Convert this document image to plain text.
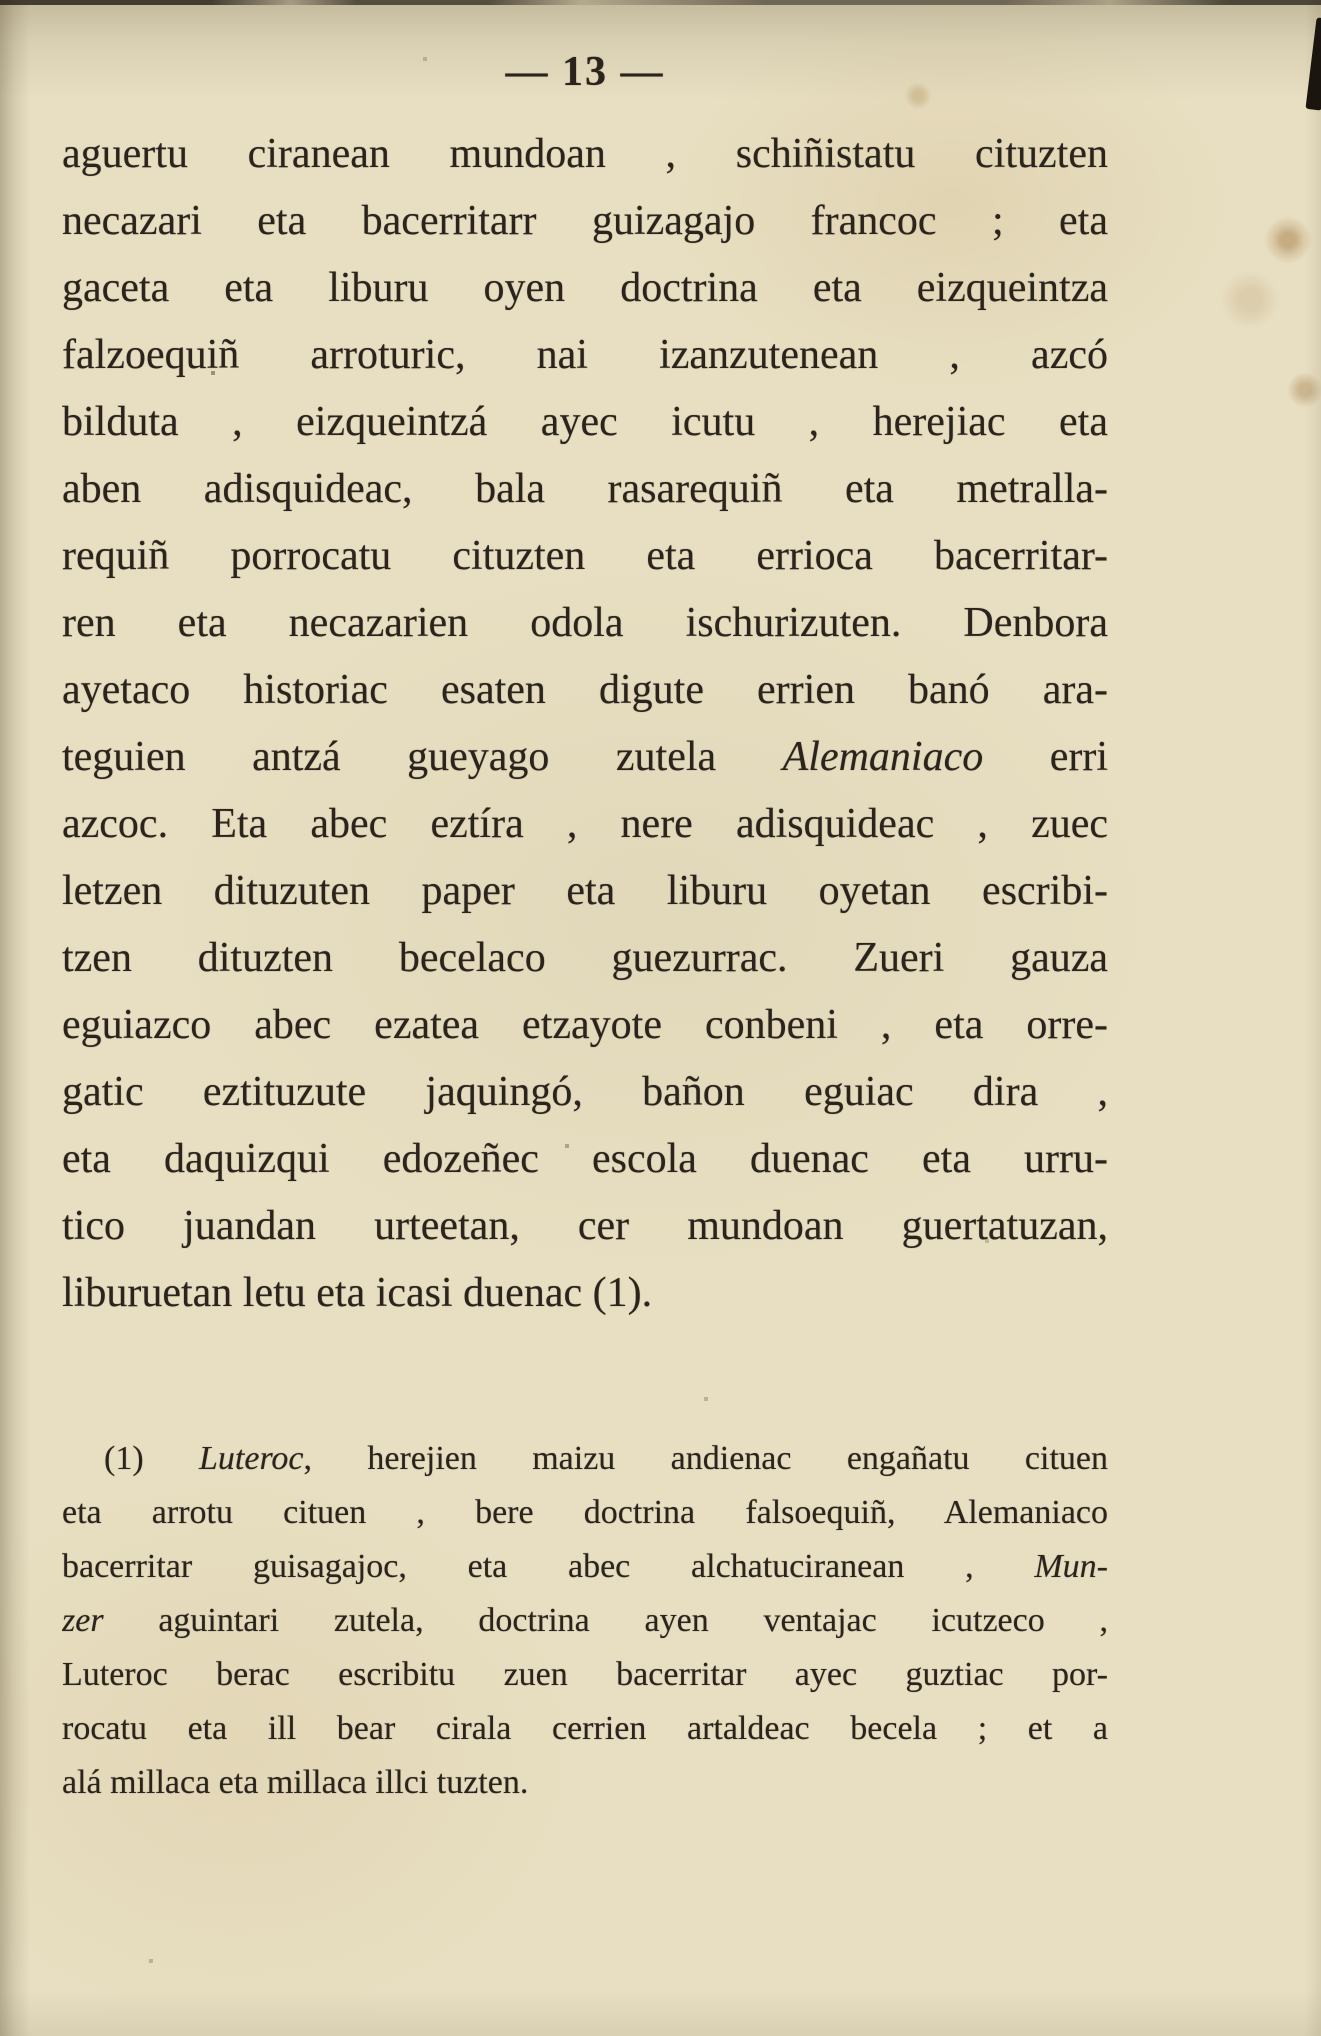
— 13 —
aguertu ciranean mundoan , schiñistatu cituzten
necazari eta bacerritarr guizagajo francoc ; eta
gaceta eta liburu oyen doctrina eta eizqueintza
falzoequiñ arroturic, nai izanzutenean , azcó
bilduta , eizqueintzá ayec icutu , herejiac eta
aben adisquideac, bala rasarequiñ eta metralla-
requiñ porrocatu cituzten eta errioca bacerritar-
ren eta necazarien odola ischurizuten. Denbora
ayetaco historiac esaten digute errien banó ara-
teguien antzá gueyago zutela Alemaniaco erri
azcoc. Eta abec eztíra , nere adisquideac , zuec
letzen dituzuten paper eta liburu oyetan escribi-
tzen dituzten becelaco guezurrac. Zueri gauza
eguiazco abec ezatea etzayote conbeni , eta orre-
gatic eztituzute jaquingó, bañon eguiac dira ,
eta daquizqui edozeñec escola duenac eta urru-
tico juandan urteetan, cer mundoan guertatuzan,
liburuetan letu eta icasi duenac (1).
(1) Luteroc, herejien maizu andienac engañatu cituen
eta arrotu cituen , bere doctrina falsoequiñ, Alemaniaco
bacerritar guisagajoc, eta abec alchatuciranean , Mun-
zer aguintari zutela, doctrina ayen ventajac icutzeco ,
Luteroc berac escribitu zuen bacerritar ayec guztiac por-
rocatu eta ill bear cirala cerrien artaldeac becela ; et a
alá millaca eta millaca illci tuzten.
